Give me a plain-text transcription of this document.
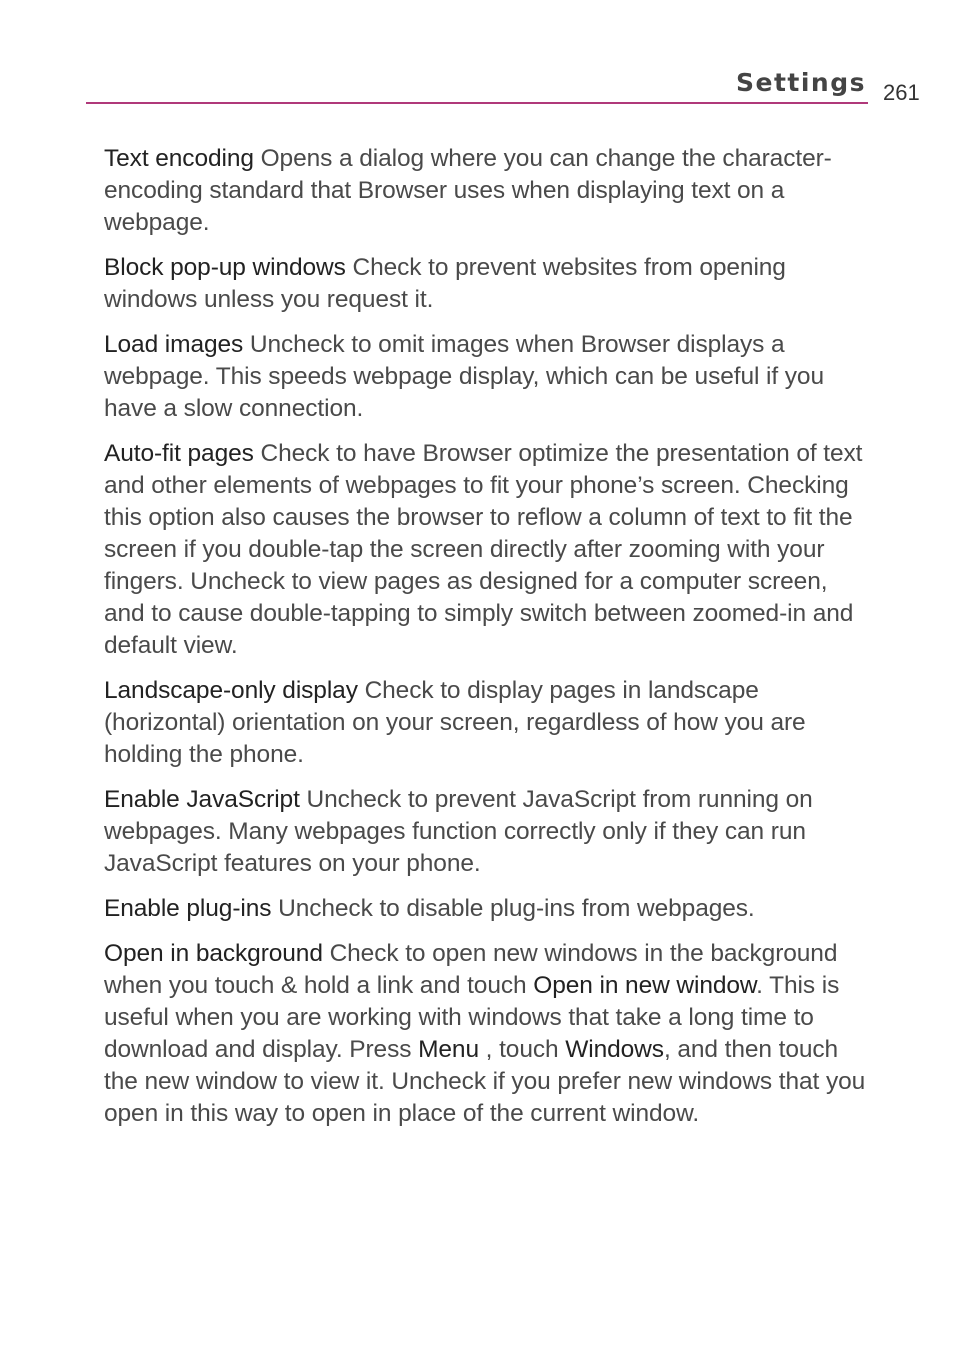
Settings 261

Text encoding Opens a dialog where you can change the character-encoding standard that Browser uses when displaying text on a webpage.

Block pop-up windows Check to prevent websites from opening windows unless you request it.

Load images Uncheck to omit images when Browser displays a webpage. This speeds webpage display, which can be useful if you have a slow connection.

Auto-fit pages Check to have Browser optimize the presentation of text and other elements of webpages to fit your phone’s screen. Checking this option also causes the browser to reflow a column of text to fit the screen if you double-tap the screen directly after zooming with your fingers. Uncheck to view pages as designed for a computer screen, and to cause double-tapping to simply switch between zoomed-in and default view.

Landscape-only display Check to display pages in landscape (horizontal) orientation on your screen, regardless of how you are holding the phone.

Enable JavaScript Uncheck to prevent JavaScript from running on webpages. Many webpages function correctly only if they can run JavaScript features on your phone.

Enable plug-ins Uncheck to disable plug-ins from webpages.

Open in background Check to open new windows in the background when you touch & hold a link and touch Open in new window. This is useful when you are working with windows that take a long time to download and display. Press Menu , touch Windows, and then touch the new window to view it. Uncheck if you prefer new windows that you open in this way to open in place of the current window.
